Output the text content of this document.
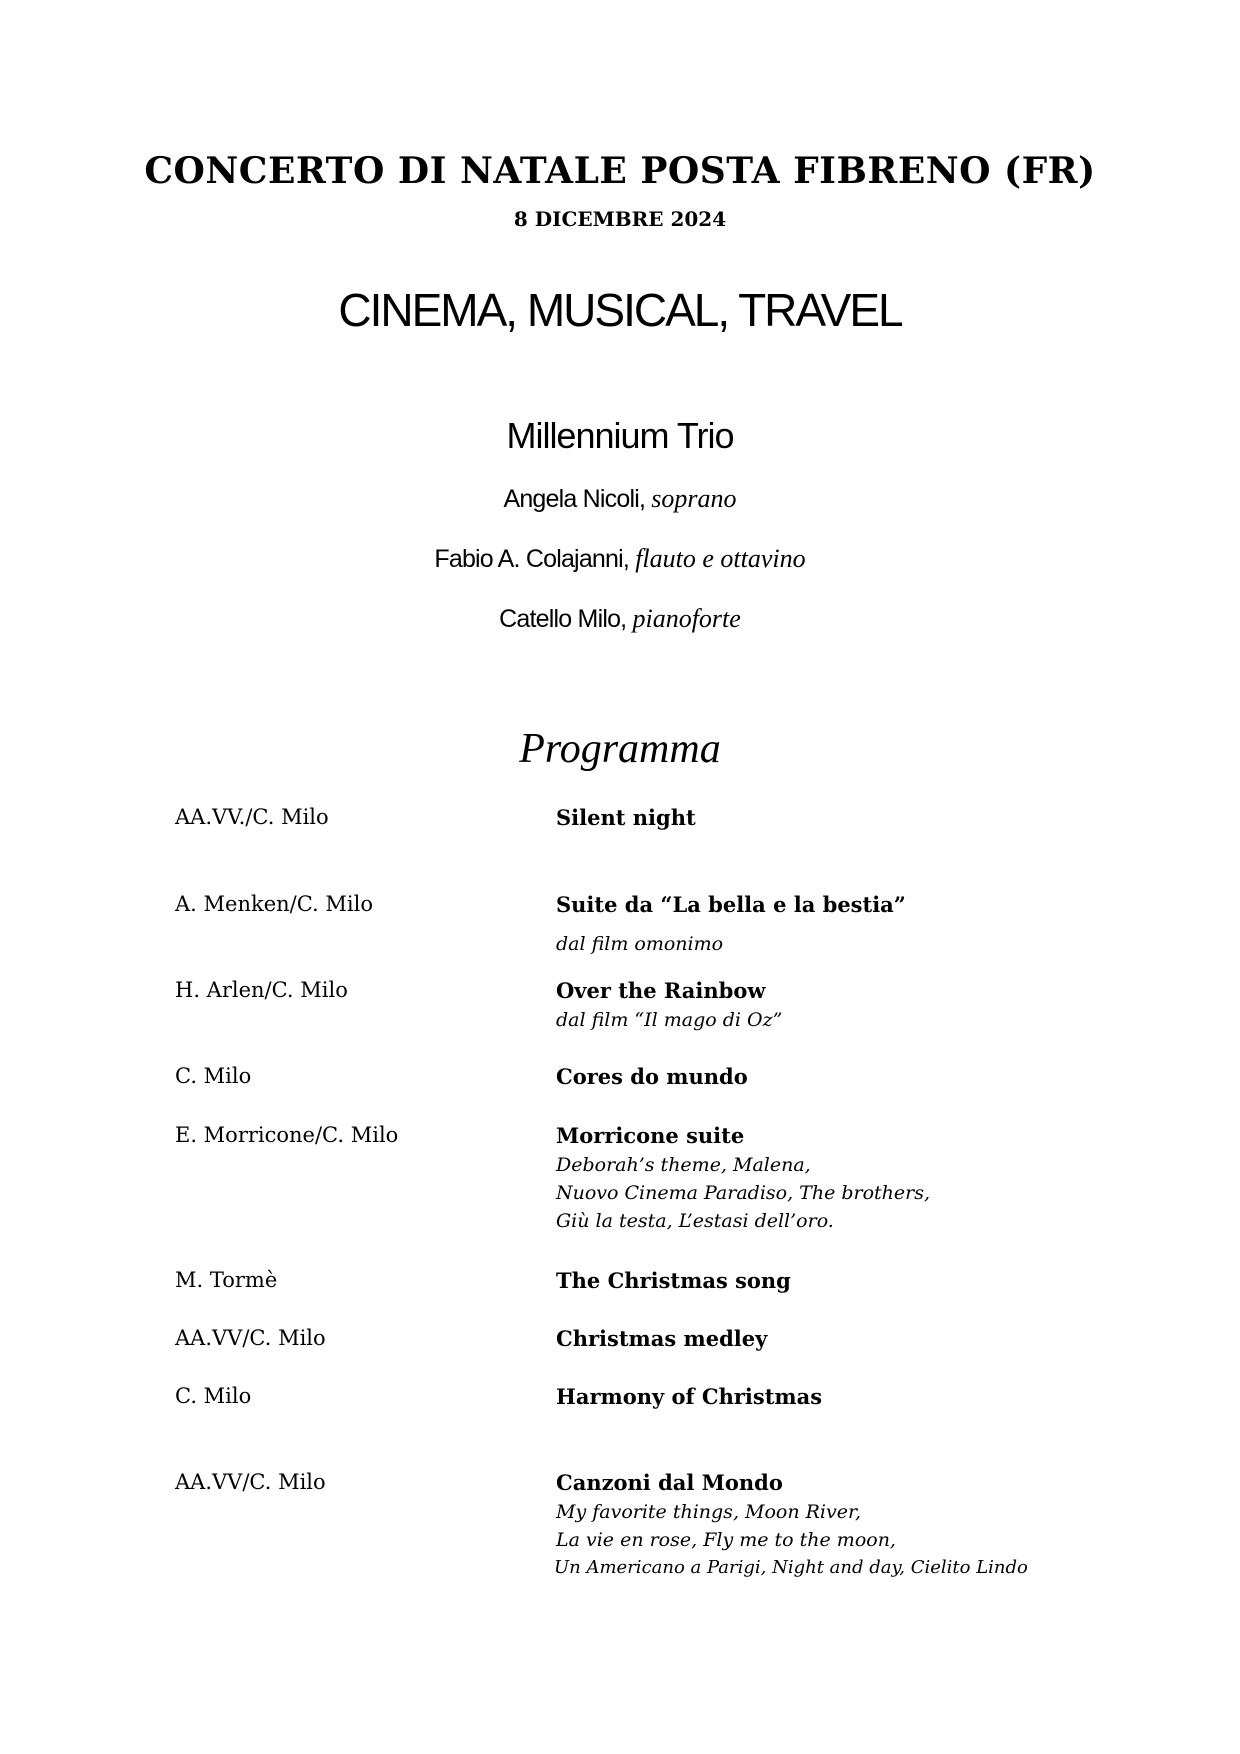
CONCERTO DI NATALE POSTA FIBRENO (FR)
8 DICEMBRE 2024
CINEMA, MUSICAL, TRAVEL
Millennium Trio
Angela Nicoli, soprano
Fabio A. Colajanni, flauto e ottavino
Catello Milo, pianoforte
Programma
AA.VV./C. Milo	Silent night
A. Menken/C. Milo	Suite da “La bella e la bestia”
dal film omonimo
H. Arlen/C. Milo	Over the Rainbow
dal film “Il mago di Oz”
C. Milo	Cores do mundo
E. Morricone/C. Milo	Morricone suite
Deborah’s theme, Malena,
Nuovo Cinema Paradiso, The brothers,
Giù la testa, L’estasi dell’oro.
M. Tormè	The Christmas song
AA.VV/C. Milo	Christmas medley
C. Milo	Harmony of Christmas
AA.VV/C. Milo	Canzoni dal Mondo
My favorite things, Moon River,
La vie en rose, Fly me to the moon,
Un Americano a Parigi, Night and day, Cielito Lindo
